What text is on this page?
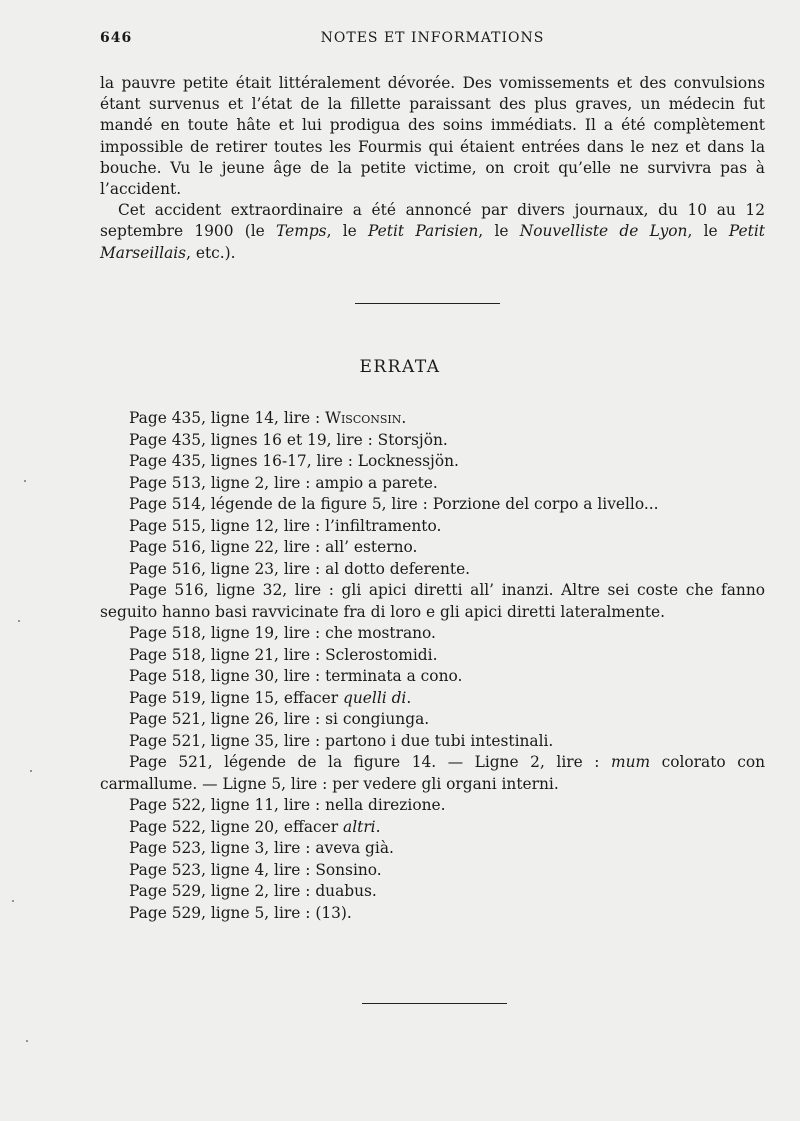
646	NOTES ET INFORMATIONS

la pauvre petite était littéralement dévorée. Des vomissements et des convulsions étant survenus et l’état de la fillette paraissant des plus graves, un médecin fut mandé en toute hâte et lui prodigua des soins immédiats. Il a été complètement impossible de retirer toutes les Fourmis qui étaient entrées dans le nez et dans la bouche. Vu le jeune âge de la petite victime, on croit qu’elle ne survivra pas à l’accident.

Cet accident extraordinaire a été annoncé par divers journaux, du 10 au 12 septembre 1900 (le Temps, le Petit Parisien, le Nouvelliste de Lyon, le Petit Marseillais, etc.).

ERRATA
Page 435, ligne 14, lire : Wisconsin.
Page 435, lignes 16 et 19, lire : Storsjön.
Page 435, lignes 16-17, lire : Locknessjön.
Page 513, ligne 2, lire : ampio a parete.
Page 514, légende de la figure 5, lire : Porzione del corpo a livello...
Page 515, ligne 12, lire : l’infiltramento.
Page 516, ligne 22, lire : all’ esterno.
Page 516, ligne 23, lire : al dotto deferente.
Page 516, ligne 32, lire : gli apici diretti all’ inanzi. Altre sei coste che fanno seguito hanno basi ravvicinate fra di loro e gli apici diretti lateralmente.
Page 518, ligne 19, lire : che mostrano.
Page 518, ligne 21, lire : Sclerostomidi.
Page 518, ligne 30, lire : terminata a cono.
Page 519, ligne 15, effacer quelli di.
Page 521, ligne 26, lire : si congiunga.
Page 521, ligne 35, lire : partono i due tubi intestinali.
Page 521, légende de la figure 14. — Ligne 2, lire : mum colorato con carmallume. — Ligne 5, lire : per vedere gli organi interni.
Page 522, ligne 11, lire : nella direzione.
Page 522, ligne 20, effacer altri.
Page 523, ligne 3, lire : aveva già.
Page 523, ligne 4, lire : Sonsino.
Page 529, ligne 2, lire : duabus.
Page 529, ligne 5, lire : (13).
